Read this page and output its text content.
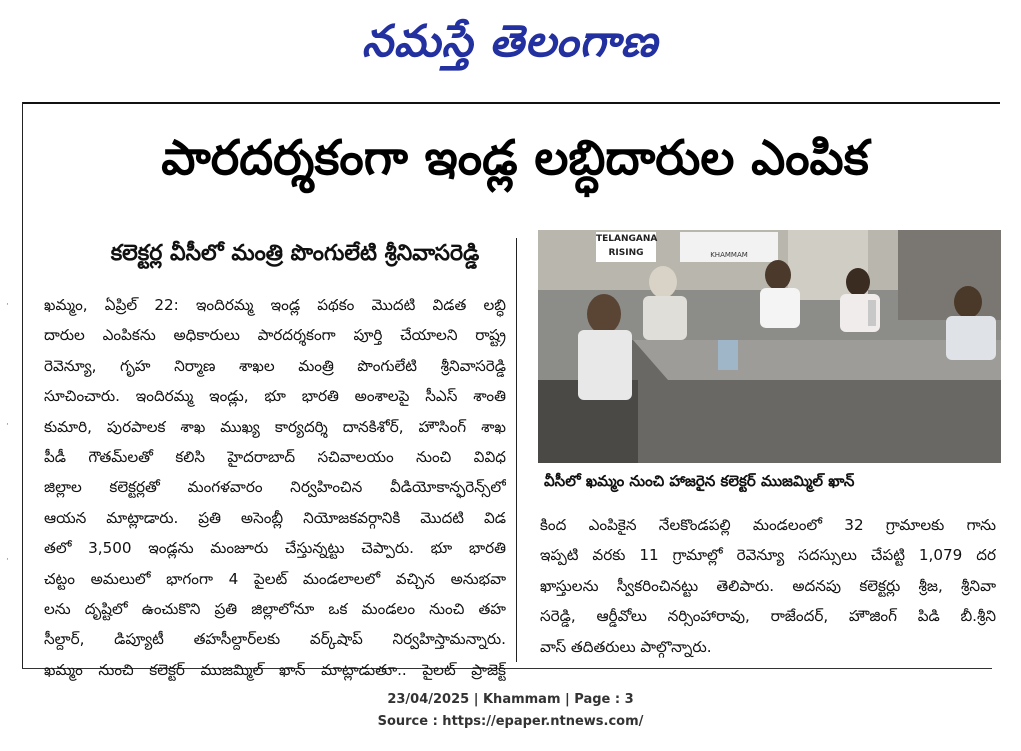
నమస్తే తెలంగాణ
·
·
·
పారదర్శకంగా ఇండ్ల లబ్ధిదారుల ఎంపిక
కలెక్టర్ల వీసీలో మంత్రి పొంగులేటి శ్రీనివాసరెడ్డి

ఖమ్మం, ఏప్రిల్ 22: ఇందిరమ్మ ఇండ్ల పథకం మొదటి విడత లబ్ధి

దారుల ఎంపికను అధికారులు పారదర్శకంగా పూర్తి చేయాలని రాష్ట్ర

రెవెన్యూ, గృహ నిర్మాణ శాఖల మంత్రి పొంగులేటి శ్రీనివాసరెడ్డి

సూచించారు. ఇందిరమ్మ ఇండ్లు, భూ భారతి అంశాలపై సీఎస్ శాంతి

కుమారి, పురపాలక శాఖ ముఖ్య కార్యదర్శి దానకిశోర్, హౌసింగ్ శాఖ

పీడీ గౌతమ్‌లతో కలిసి హైదరాబాద్ సచివాలయం నుంచి వివిధ

జిల్లాల కలెక్టర్లతో మంగళవారం నిర్వహించిన వీడియోకాన్ఫరెన్స్‌లో

ఆయన మాట్లాడారు. ప్రతి అసెంబ్లీ నియోజకవర్గానికి మొదటి విడ

తలో 3,500 ఇండ్లను మంజూరు చేస్తున్నట్టు చెప్పారు. భూ భారతి

చట్టం అమలులో భాగంగా 4 పైలట్ మండలాలలో వచ్చిన అనుభవా

లను దృష్టిలో ఉంచుకొని ప్రతి జిల్లాలోనూ ఒక మండలం నుంచి తహ

సీల్దార్, డిప్యూటీ తహసీల్దార్‌లకు వర్క్‌షాప్ నిర్వహిస్తామన్నారు.

ఖమ్మం నుంచి కలెక్టర్ ముజమ్మిల్ ఖాన్ మాట్లాడుతూ.. పైలట్ ప్రాజెక్ట్

TELANGANA RISING	KHAMMAM
వీసీలో ఖమ్మం నుంచి హాజరైన కలెక్టర్ ముజమ్మిల్ ఖాన్

కింద ఎంపికైన నేలకొండపల్లి మండలంలో 32 గ్రామాలకు గాను

ఇప్పటి వరకు 11 గ్రామాల్లో రెవెన్యూ సదస్సులు చేపట్టి 1,079 దర

ఖాస్తులను స్వీకరించినట్టు తెలిపారు. అదనపు కలెక్టర్లు శ్రీజ, శ్రీనివా

సరెడ్డి, ఆర్డీవోలు నర్సింహారావు, రాజేందర్, హౌజింగ్ పిడి బీ.శ్రీని

వాస్ తదితరులు పాల్గొన్నారు.

23/04/2025 | Khammam | Page : 3
Source : https://epaper.ntnews.com/
